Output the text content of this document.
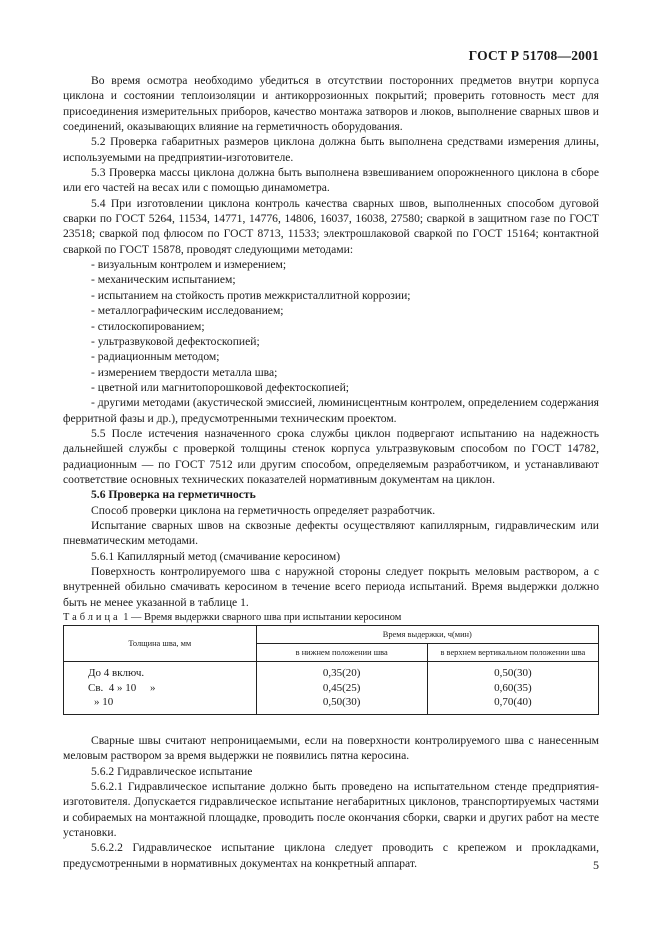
ГОСТ Р 51708—2001

Во время осмотра необходимо убедиться в отсутствии посторонних предметов внутри корпуса циклона и состоянии теплоизоляции и антикоррозионных покрытий; проверить готовность мест для присоединения измерительных приборов, качество монтажа затворов и люков, выполнение сварных швов и соединений, оказывающих влияние на герметичность оборудования.

5.2 Проверка габаритных размеров циклона должна быть выполнена средствами измерения длины, используемыми на предприятии-изготовителе.

5.3 Проверка массы циклона должна быть выполнена взвешиванием опорожненного циклона в сборе или его частей на весах или с помощью динамометра.

5.4 При изготовлении циклона контроль качества сварных швов, выполненных способом дуговой сварки по ГОСТ 5264, 11534, 14771, 14776, 14806, 16037, 16038, 27580; сваркой в защитном газе по ГОСТ 23518; сваркой под флюсом по ГОСТ 8713, 11533; электрошлаковой сваркой по ГОСТ 15164; контактной сваркой по ГОСТ 15878, проводят следующими методами:

- визуальным контролем и измерением;
- механическим испытанием;
- испытанием на стойкость против межкристаллитной коррозии;
- металлографическим исследованием;
- стилоскопированием;
- ультразвуковой дефектоскопией;
- радиационным методом;
- измерением твердости металла шва;
- цветной или магнитопорошковой дефектоскопией;
- другими методами (акустической эмиссией, люминисцентным контролем, определением содержания ферритной фазы и др.), предусмотренными техническим проектом.

5.5 После истечения назначенного срока службы циклон подвергают испытанию на надежность дальнейшей службы с проверкой толщины стенок корпуса ультразвуковым способом по ГОСТ 14782, радиационным — по ГОСТ 7512 или другим способом, определяемым разработчиком, и устанавливают соответствие основных технических показателей нормативным документам на циклон.

5.6 Проверка на герметичность

Способ проверки циклона на герметичность определяет разработчик.

Испытание сварных швов на сквозные дефекты осуществляют капиллярным, гидравлическим или пневматическим методами.

5.6.1 Капиллярный метод (смачивание керосином)

Поверхность контролируемого шва с наружной стороны следует покрыть меловым раствором, а с внутренней обильно смачивать керосином в течение всего периода испытаний. Время выдержки должно быть не менее указанной в таблице 1.

Таблица 1 — Время выдержки сварного шва при испытании керосином

Толщина шва, мм	Время выдержки, ч(мин)	
	в нижнем положении шва	в верхнем вертикальном положении шва
До 4 включ.	0,35(20)	0,50(30)
Св.  4 » 10     »	0,45(25)	0,60(35)
» 10	0,50(30)	0,70(40)

Сварные швы считают непроницаемыми, если на поверхности контролируемого шва с нанесенным меловым раствором за время выдержки не появились пятна керосина.

5.6.2 Гидравлическое испытание

5.6.2.1 Гидравлическое испытание должно быть проведено на испытательном стенде предприятия-изготовителя. Допускается гидравлическое испытание негабаритных циклонов, транспортируемых частями и собираемых на монтажной площадке, проводить после окончания сборки, сварки и других работ на месте установки.

5.6.2.2 Гидравлическое испытание циклона следует проводить с крепежом и прокладками, предусмотренными в нормативных документах на конкретный аппарат.	5
